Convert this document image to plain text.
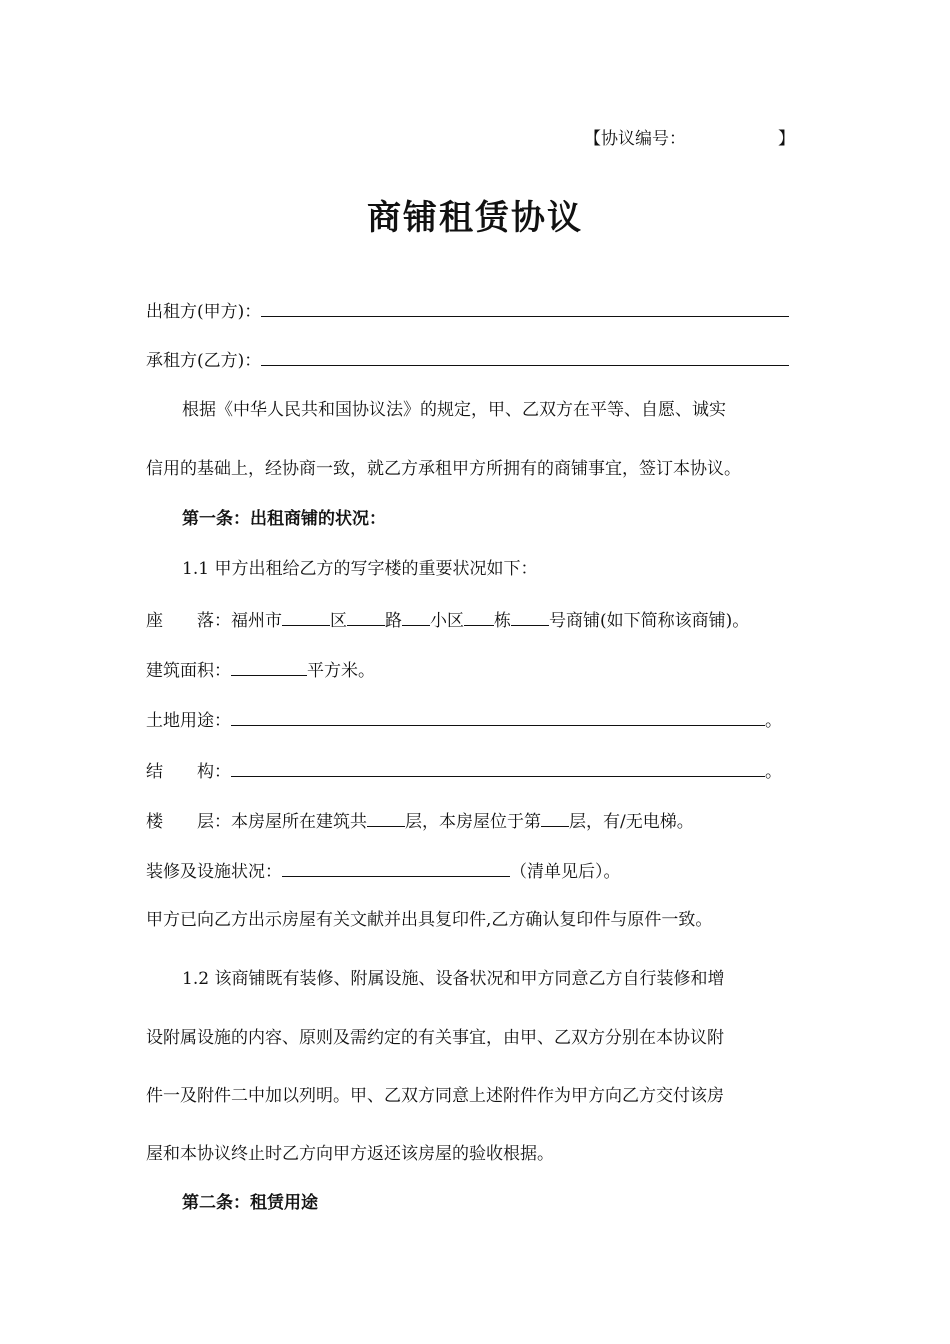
【协议编号：	】
商铺租赁协议
出租方(甲方)：
承租方(乙方)：
根据《中华人民共和国协议法》的规定，甲、乙双方在平等、自愿、诚实
信用的基础上，经协商一致，就乙方承租甲方所拥有的商铺事宜，签订本协议。
第一条：出租商铺的状况：
1.1 甲方出租给乙方的写字楼的重要状况如下：
座　　落：福州市	区 路 小区 栋 号商铺(如下简称该商铺)。
建筑面积：	平方米。
土地用途：	。
结　　构：	。
楼　　层：本房屋所在建筑共 层，本房屋位于第 层，有/无电梯。
装修及设施状况：	（清单见后）。
甲方已向乙方出示房屋有关文献并出具复印件,乙方确认复印件与原件一致。
1.2 该商铺既有装修、附属设施、设备状况和甲方同意乙方自行装修和增
设附属设施的内容、原则及需约定的有关事宜，由甲、乙双方分别在本协议附
件一及附件二中加以列明。甲、乙双方同意上述附件作为甲方向乙方交付该房
屋和本协议终止时乙方向甲方返还该房屋的验收根据。
第二条：租赁用途
